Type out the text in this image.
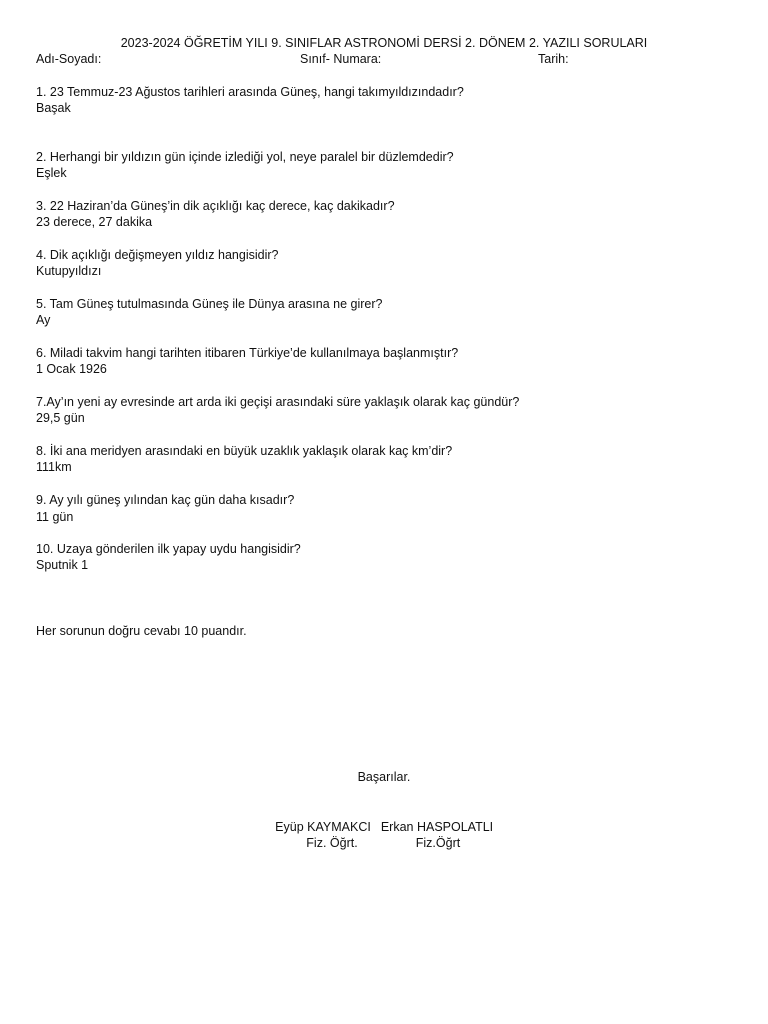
2023-2024 ÖĞRETİM YILI 9. SINIFLAR ASTRONOMİ DERSİ 2. DÖNEM 2. YAZILI SORULARI
Adı-Soyadı:	Sınıf- Numara:	Tarih:
1. 23 Temmuz-23 Ağustos tarihleri arasında Güneş, hangi takımyıldızındadır?
Başak
2. Herhangi bir yıldızın gün içinde izlediği yol, neye paralel bir düzlemdedir?
Eşlek
3. 22 Haziran’da Güneş’in dik açıklığı kaç derece, kaç dakikadır?
23 derece, 27 dakika
4. Dik açıklığı değişmeyen yıldız hangisidir?
Kutupyıldızı
5. Tam Güneş tutulmasında Güneş ile Dünya arasına ne girer?
Ay
6. Miladi takvim hangi tarihten itibaren Türkiye’de kullanılmaya başlanmıştır?
1 Ocak 1926
7.Ay’ın yeni ay evresinde art arda iki geçişi arasındaki süre yaklaşık olarak kaç gündür?
29,5 gün
8. İki ana meridyen arasındaki en büyük uzaklık yaklaşık olarak kaç km’dir?
111km
9. Ay yılı güneş yılından kaç gün daha kısadır?
11 gün
10. Uzaya gönderilen ilk yapay uydu hangisidir?
Sputnik 1
Her sorunun doğru cevabı 10 puandır.
Başarılar.
Eyüp KAYMAKCI
Fiz. Öğrt.
Erkan HASPOLATLI
Fiz.Öğrt
